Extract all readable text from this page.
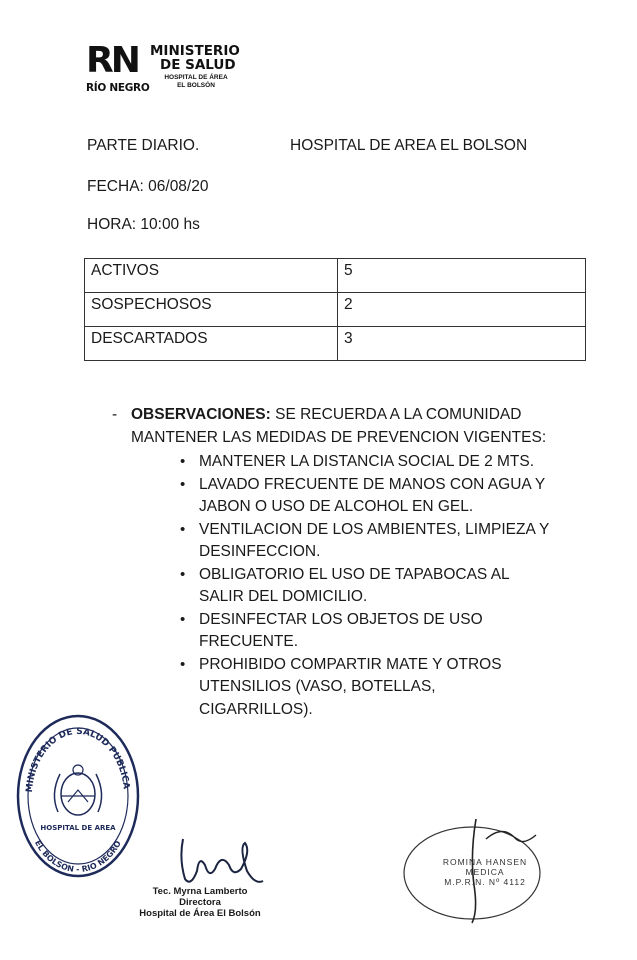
RN
RÍO NEGRO
MINISTERIO
DE SALUD
HOSPITAL DE ÁREA
EL BOLSÓN
PARTE DIARIO.	HOSPITAL DE AREA EL BOLSON
FECHA: 06/08/20
HORA: 10:00 hs
ACTIVOS	5
SOSPECHOSOS	2
DESCARTADOS	3
- OBSERVACIONES: SE RECUERDA A LA COMUNIDAD MANTENER LAS MEDIDAS DE PREVENCION VIGENTES:
• MANTENER LA DISTANCIA SOCIAL DE 2 MTS.
• LAVADO FRECUENTE DE MANOS CON AGUA Y JABON O USO DE ALCOHOL EN GEL.
• VENTILACION DE LOS AMBIENTES, LIMPIEZA Y DESINFECCION.
• OBLIGATORIO EL USO DE TAPABOCAS AL SALIR DEL DOMICILIO.
• DESINFECTAR LOS OBJETOS DE USO FRECUENTE.
• PROHIBIDO COMPARTIR MATE Y OTROS UTENSILIOS (VASO, BOTELLAS, CIGARRILLOS).
MINISTERIO DE SALUD PUBLICA
EL BOLSON - RIO NEGRO
HOSPITAL DE AREA
Tec. Myrna Lamberto
Directora
Hospital de Área El Bolsón
ROMINA HANSEN
MEDICA
M.P.R.N. Nº 4112
